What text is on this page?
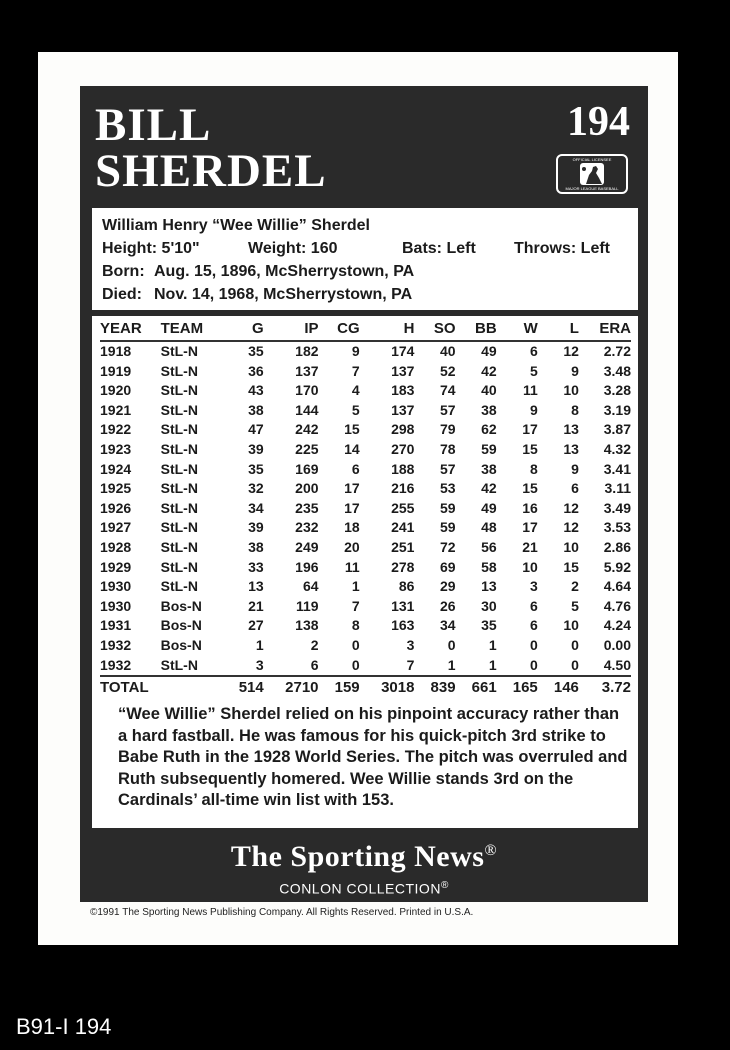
BILL
SHERDEL
194
OFFICIAL LICENSEE
MAJOR LEAGUE BASEBALL
William Henry “Wee Willie” Sherdel
Height: 5'10"	Weight: 160	Bats: Left Throws: Left
Born: Aug. 15, 1896, McSherrystown, PA
Died: Nov. 14, 1968, McSherrystown, PA
YEAR	TEAM	G	IP	CG	H	SO	BB	W	L	ERA
1918	StL-N	35	182	9	174	40	49	6	12	2.72
1919	StL-N	36	137	7	137	52	42	5	9	3.48
1920	StL-N	43	170	4	183	74	40	11	10	3.28
1921	StL-N	38	144	5	137	57	38	9	8	3.19
1922	StL-N	47	242	15	298	79	62	17	13	3.87
1923	StL-N	39	225	14	270	78	59	15	13	4.32
1924	StL-N	35	169	6	188	57	38	8	9	3.41
1925	StL-N	32	200	17	216	53	42	15	6	3.11
1926	StL-N	34	235	17	255	59	49	16	12	3.49
1927	StL-N	39	232	18	241	59	48	17	12	3.53
1928	StL-N	38	249	20	251	72	56	21	10	2.86
1929	StL-N	33	196	11	278	69	58	10	15	5.92
1930	StL-N	13	64	1	86	29	13	3	2	4.64
1930	Bos-N	21	119	7	131	26	30	6	5	4.76
1931	Bos-N	27	138	8	163	34	35	6	10	4.24
1932	Bos-N	1	2	0	3	0	1	0	0	0.00
1932	StL-N	3	6	0	7	1	1	0	0	4.50
TOTAL		514	2710	159	3018	839	661	165	146	3.72
“Wee Willie” Sherdel relied on his pinpoint accuracy rather than a hard fastball. He was famous for his quick-pitch 3rd strike to Babe Ruth in the 1928 World Series. The pitch was overruled and Ruth subsequently homered. Wee Willie stands 3rd on the Cardinals’ all-time win list with 153.
The Sporting News®
CONLON COLLECTION®
©1991 The Sporting News Publishing Company. All Rights Reserved. Printed in U.S.A.
B91-I 194
